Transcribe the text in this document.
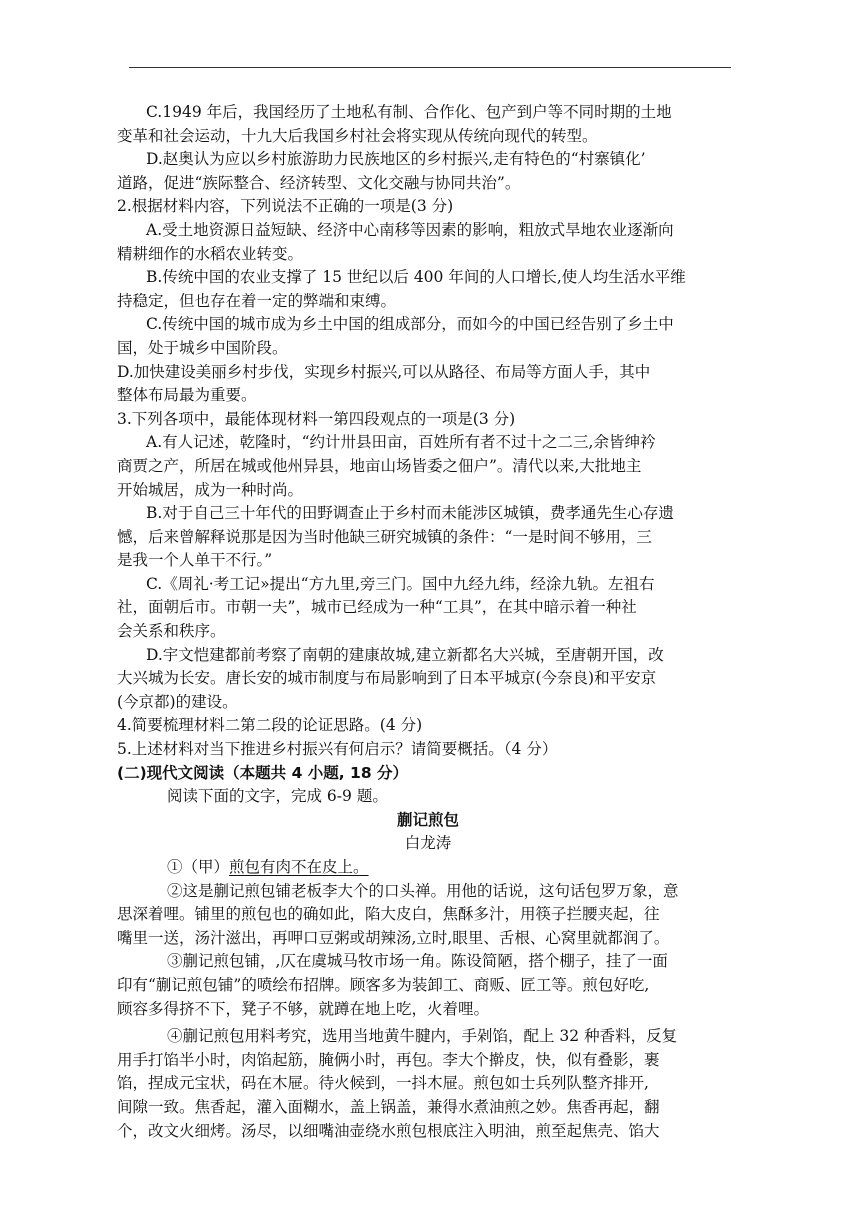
C.1949 年后，我国经历了土地私有制、合作化、包产到户等不同时期的土地
变革和社会运动，十九大后我国乡村社会将实现从传统向现代的转型。
D.赵奥认为应以乡村旅游助力民族地区的乡村振兴,走有特色的“村寨镇化’
道路，促进“族际整合、经济转型、文化交融与协同共治”。
2.根据材料内容，下列说法不正确的一项是(3 分)
A.受土地资源日益短缺、经济中心南移等因素的影响，粗放式旱地农业逐渐向
精耕细作的水稻农业转变。
B.传统中国的农业支撑了 15 世纪以后 400 年间的人口增长,使人均生活水平维
持稳定，但也存在着一定的弊端和束缚。
C.传统中国的城市成为乡土中国的组成部分，而如今的中国已经告别了乡土中
国，处于城乡中国阶段。
D.加快建设美丽乡村步伐，实现乡村振兴,可以从路径、布局等方面人手，其中
整体布局最为重要。
3.下列各项中，最能体现材料一第四段观点的一项是(3 分)
A.有人记述，乾隆时，“约计卅县田亩，百姓所有者不过十之二三,余皆绅衿
商贾之产，所居在城或他州异县，地亩山场皆委之佃户”。清代以来,大批地主
开始城居，成为一种时尚。
B.对于自己三十年代的田野调查止于乡村而未能涉区城镇，费孝通先生心存遗
憾，后来曾解释说那是因为当时他缺三研究城镇的条件：“一是时间不够用，三
是我一个人单干不行。”
C.《周礼·考工记»提出“方九里,旁三门。国中九经九纬，经涂九轨。左祖右
社，面朝后市。市朝一夫”，城市已经成为一种“工具”，在其中暗示着一种社
会关系和秩序。
D.宇文恺建都前考察了南朝的建康故城,建立新都名大兴城，至唐朝开国，改
大兴城为长安。唐长安的城市制度与布局影响到了日本平城京(今奈良)和平安京
(今京都)的建设。
4.简要梳理材料二第二段的论证思路。(4 分)
5.上述材料对当下推进乡村振兴有何启示？请简要概括。（4 分）
(二)现代文阅读（本题共 4 小题, 18 分）
阅读下面的文字，完成 6-9 题。
蒯记煎包
白龙涛
①（甲）煎包有肉不在皮上。
②这是蒯记煎包铺老板李大个的口头禅。用他的话说，这句话包罗万象，意
思深着哩。铺里的煎包也的确如此，陷大皮白，焦酥多汁，用筷子拦腰夹起，往
嘴里一送，汤汁滋出，再呷口豆粥或胡辣汤,立时,眼里、舌根、心窝里就都润了。
③蒯记煎包铺，,仄在虞城马牧市场一角。陈设简陋，搭个棚子，挂了一面
印有“蒯记煎包铺”的喷绘布招牌。顾客多为装卸工、商贩、匠工等。煎包好吃,
顾容多得挤不下，凳子不够，就蹲在地上吃，火着哩。
④蒯记煎包用料考究，选用当地黄牛腱内，手剁馅，配上 32 种香料，反复
用手打馅半小时，肉馅起筋，腌俩小时，再包。李大个擀皮，快，似有叠影，裹
馅，捏成元宝状，码在木屉。待火候到，一抖木屉。煎包如士兵列队整齐排开,
间隙一致。焦香起，灌入面糊水，盖上锅盖，兼得水煮油煎之妙。焦香再起，翻
个，改文火细烤。汤尽，以细嘴油壶绕水煎包根底注入明油，煎至起焦壳、馅大
